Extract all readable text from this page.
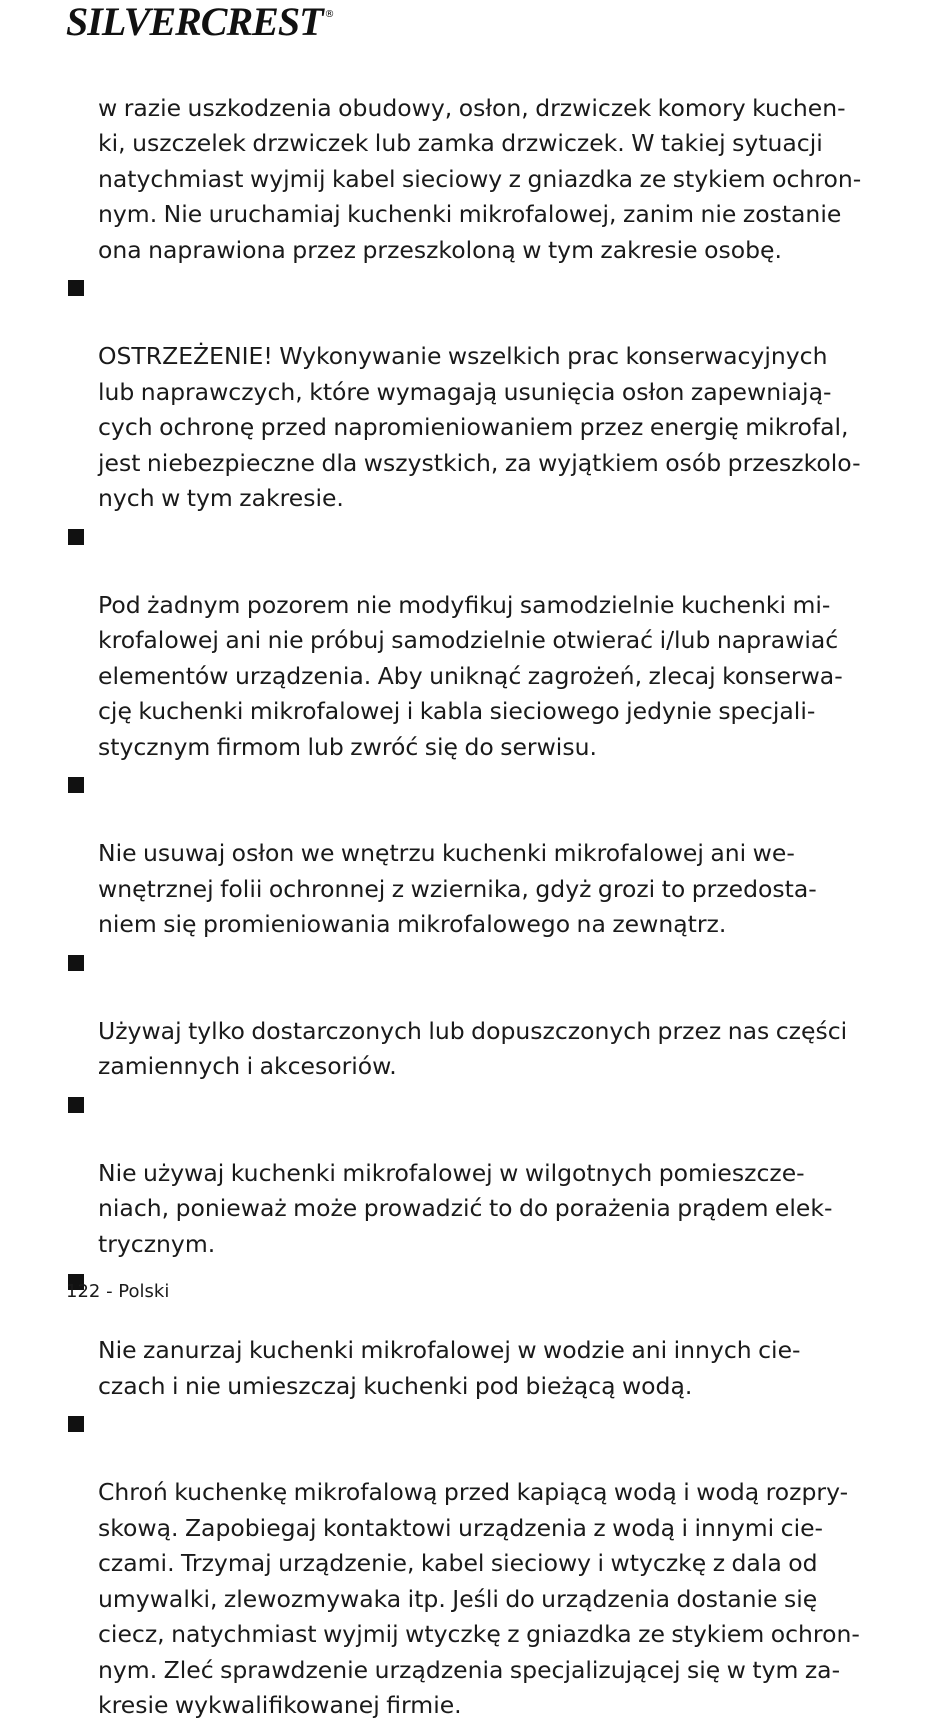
SILVERCREST ®

w razie uszkodzenia obudowy, osłon, drzwiczek komory kuchen-
ki, uszczelek drzwiczek lub zamka drzwiczek. W takiej sytuacji
natychmiast wyjmij kabel sieciowy z gniazdka ze stykiem ochron-
nym. Nie uruchamiaj kuchenki mikrofalowej, zanim nie zostanie
ona naprawiona przez przeszkoloną w tym zakresie osobę.

OSTRZEŻENIE! Wykonywanie wszelkich prac konserwacyjnych
lub naprawczych, które wymagają usunięcia osłon zapewniają-
cych ochronę przed napromieniowaniem przez energię mikrofal,
jest niebezpieczne dla wszystkich, za wyjątkiem osób przeszkolo-
nych w tym zakresie.

Pod żadnym pozorem nie modyfikuj samodzielnie kuchenki mi-
krofalowej ani nie próbuj samodzielnie otwierać i/lub naprawiać
elementów urządzenia. Aby uniknąć zagrożeń, zlecaj konserwa-
cję kuchenki mikrofalowej i kabla sieciowego jedynie specjali-
stycznym firmom lub zwróć się do serwisu.

Nie usuwaj osłon we wnętrzu kuchenki mikrofalowej ani we-
wnętrznej folii ochronnej z wziernika, gdyż grozi to przedosta-
niem się promieniowania mikrofalowego na zewnątrz.

Używaj tylko dostarczonych lub dopuszczonych przez nas części
zamiennych i akcesoriów.

Nie używaj kuchenki mikrofalowej w wilgotnych pomieszcze-
niach, ponieważ może prowadzić to do porażenia prądem elek-
trycznym.

Nie zanurzaj kuchenki mikrofalowej w wodzie ani innych cie-
czach i nie umieszczaj kuchenki pod bieżącą wodą.

Chroń kuchenkę mikrofalową przed kapiącą wodą i wodą rozpry-
skową. Zapobiegaj kontaktowi urządzenia z wodą i innymi cie-
czami. Trzymaj urządzenie, kabel sieciowy i wtyczkę z dala od
umywalki, zlewozmywaka itp. Jeśli do urządzenia dostanie się
ciecz, natychmiast wyjmij wtyczkę z gniazdka ze stykiem ochron-
nym. Zleć sprawdzenie urządzenia specjalizującej się w tym za-
kresie wykwalifikowanej firmie.

122 - Polski
